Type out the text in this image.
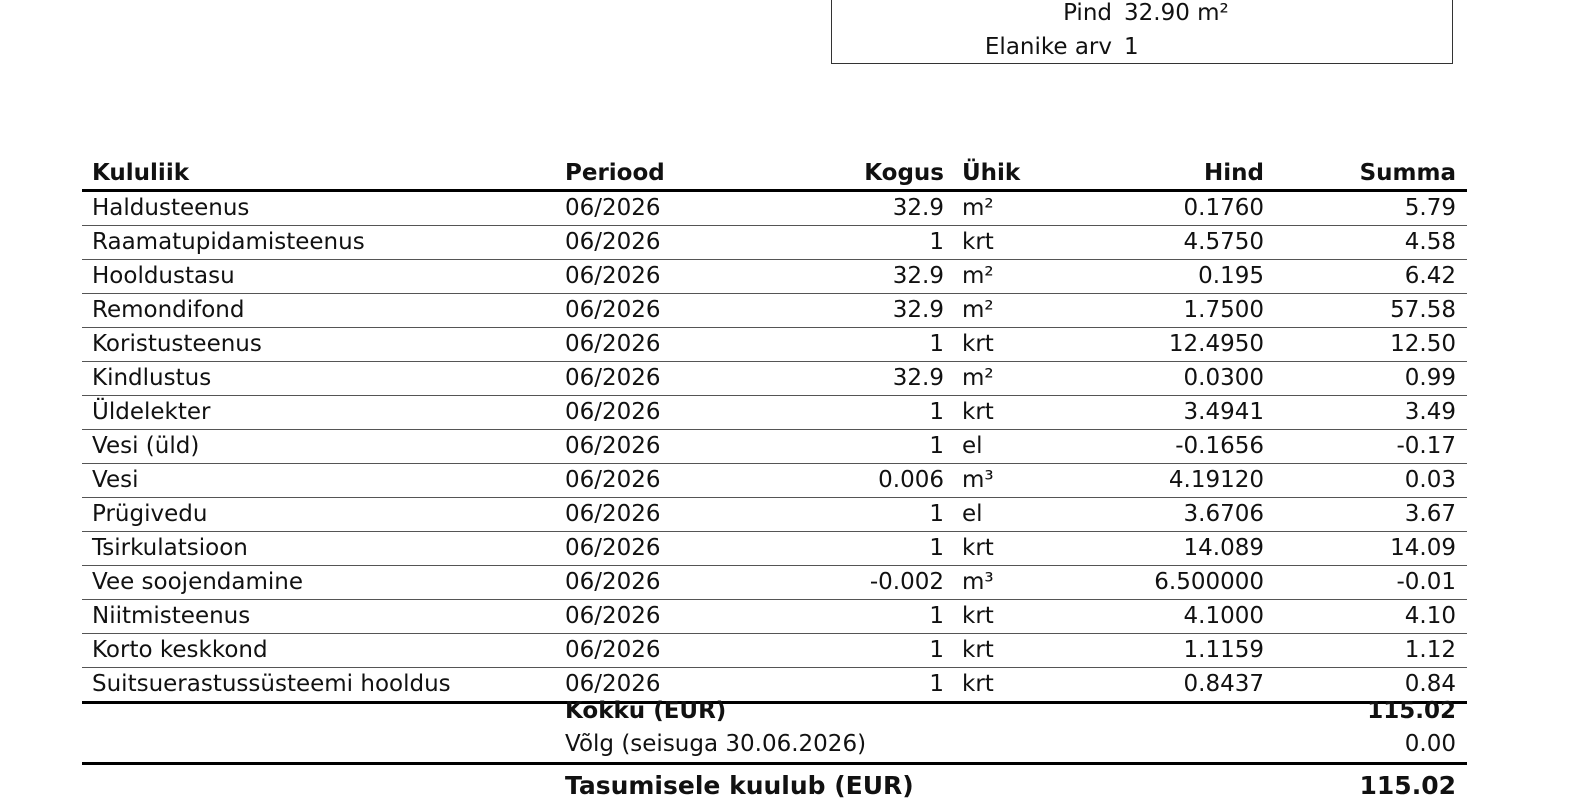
Pind 32.90 m²
Elanike arv 1
Kululiik	Periood	Kogus Ühik	Hind	Summa
Haldusteenus	06/2026	32.9 m²	0.1760	5.79
Raamatupidamisteenus	06/2026	1 krt	4.5750	4.58
Hooldustasu	06/2026	32.9 m²	0.195	6.42
Remondifond	06/2026	32.9 m²	1.7500	57.58
Koristusteenus	06/2026	1 krt	12.4950	12.50
Kindlustus	06/2026	32.9 m²	0.0300	0.99
Üldelekter	06/2026	1 krt	3.4941	3.49
Vesi (üld)	06/2026	1 el	-0.1656	-0.17
Vesi	06/2026	0.006 m³	4.19120	0.03
Prügivedu	06/2026	1 el	3.6706	3.67
Tsirkulatsioon	06/2026	1 krt	14.089	14.09
Vee soojendamine	06/2026	-0.002 m³	6.500000	-0.01
Niitmisteenus	06/2026	1 krt	4.1000	4.10
Korto keskkond	06/2026	1 krt	1.1159	1.12
Suitsuerastussüsteemi hooldus	06/2026	1 krt	0.8437	0.84
Kokku (EUR)	115.02
Võlg (seisuga 30.06.2026)	0.00
Tasumisele kuulub (EUR)	115.02
